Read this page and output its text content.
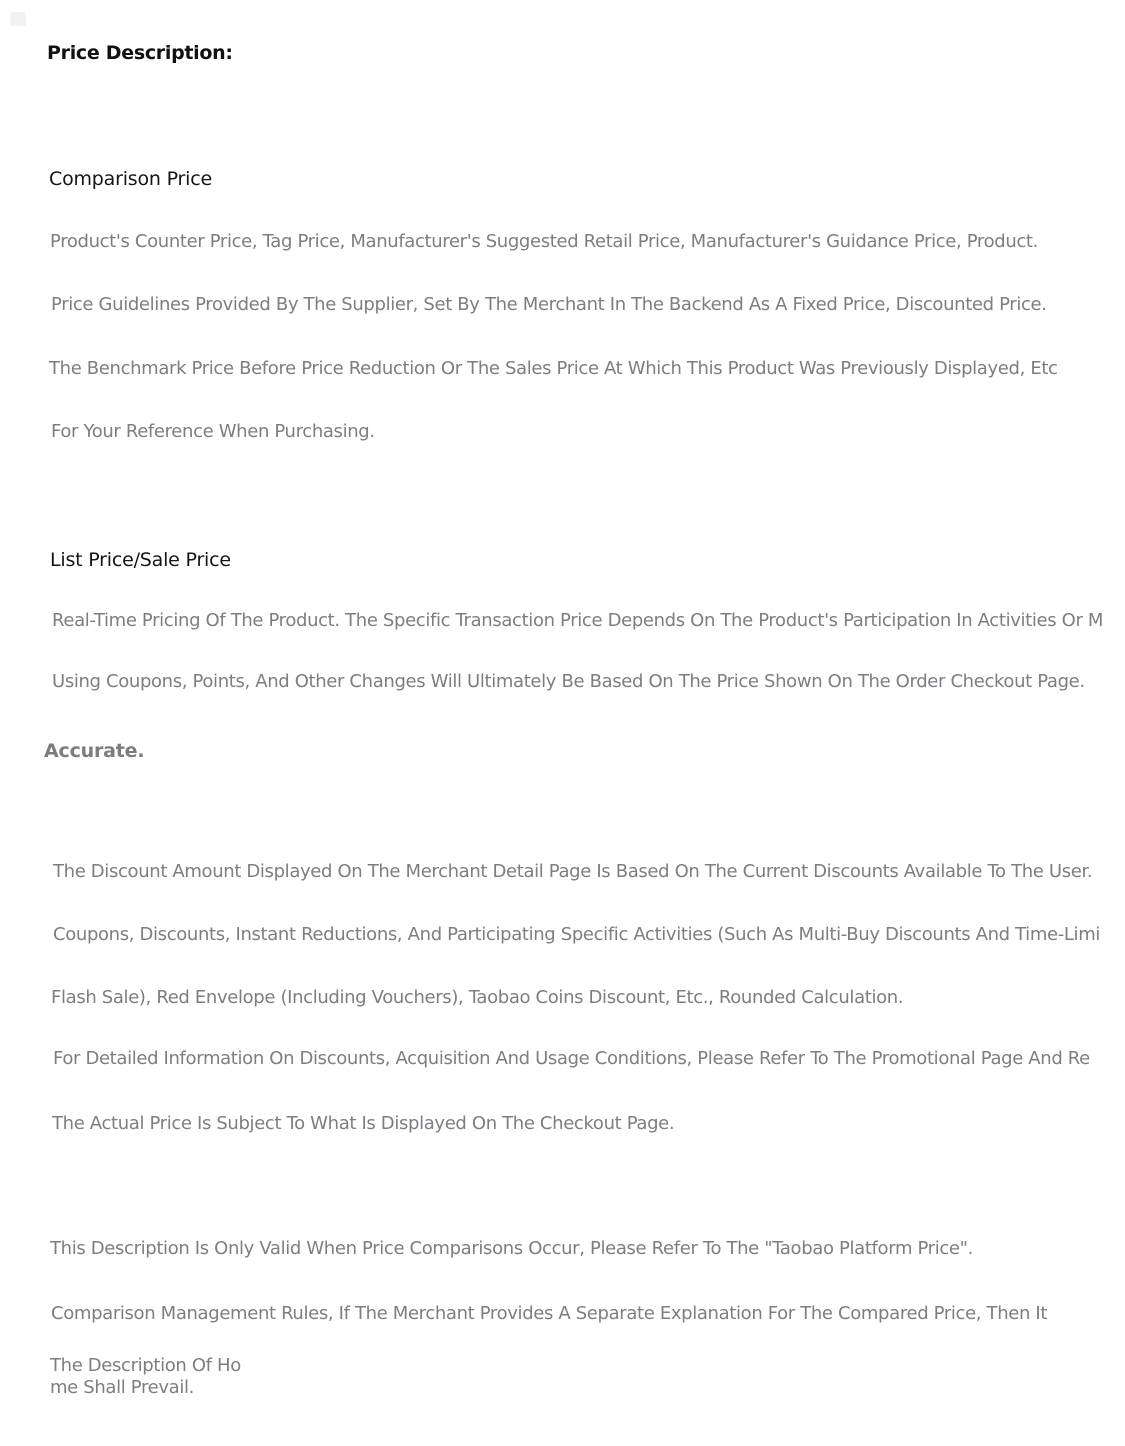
Price Description:

Comparison Price

Product's Counter Price, Tag Price, Manufacturer's Suggested Retail Price, Manufacturer's Guidance Price, Product.

Price Guidelines Provided By The Supplier, Set By The Merchant In The Backend As A Fixed Price, Discounted Price.

The Benchmark Price Before Price Reduction Or The Sales Price At Which This Product Was Previously Displayed, Etc

For Your Reference When Purchasing.

List Price/Sale Price

Real-Time Pricing Of The Product. The Specific Transaction Price Depends On The Product's Participation In Activities Or M

Using Coupons, Points, And Other Changes Will Ultimately Be Based On The Price Shown On The Order Checkout Page.

Accurate.

The Discount Amount Displayed On The Merchant Detail Page Is Based On The Current Discounts Available To The User.

Coupons, Discounts, Instant Reductions, And Participating Specific Activities (Such As Multi-Buy Discounts And Time-Limi

Flash Sale), Red Envelope (Including Vouchers), Taobao Coins Discount, Etc., Rounded Calculation.

For Detailed Information On Discounts, Acquisition And Usage Conditions, Please Refer To The Promotional Page And Re

The Actual Price Is Subject To What Is Displayed On The Checkout Page.

This Description Is Only Valid When Price Comparisons Occur, Please Refer To The "Taobao Platform Price".

Comparison Management Rules, If The Merchant Provides A Separate Explanation For The Compared Price, Then It

The Description Of Ho

me Shall Prevail.
